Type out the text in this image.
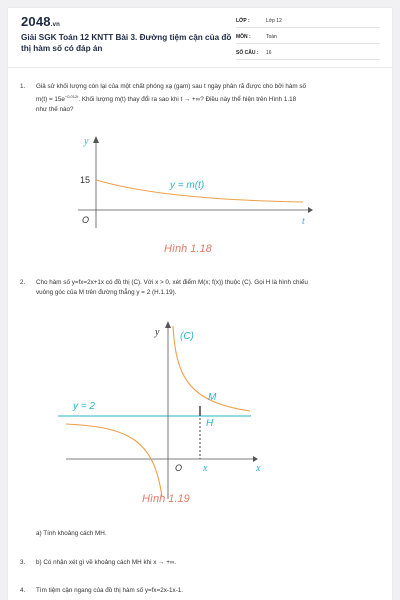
2048.vn
Giải SGK Toán 12 KNTT Bài 3. Đường tiệm cận của đồ thị hàm số có đáp án
LỚP :	Lớp 12
MÔN :	Toán
SỐ CÂU :	16
1. Giả sử khối lượng còn lại của một chất phóng xạ (gam) sau t ngày phân rã được cho bởi hàm số
$m(t) = 15e^{-0,012t}$. Khối lượng m(t) thay đổi ra sao khi t → +∞? Điều này thể hiện trên Hình 1.18
như thế nào?
y
15
O	t
y = m(t)
Hình 1.18
2. Cho hàm số y=fx=2x+1x có đồ thị (C). Với x > 0, xét điểm M(x; f(x)) thuộc (C). Gọi H là hình chiếu
vuông góc của M trên đường thẳng y = 2 (H.1.19).
y (C)
y = 2
M
H
O x	x
Hình 1.19
a) Tính khoảng cách MH.
3. b) Có nhận xét gì về khoảng cách MH khi x → +∞.
4. Tìm tiệm cận ngang của đồ thị hàm số y=fx=2x-1x-1.
